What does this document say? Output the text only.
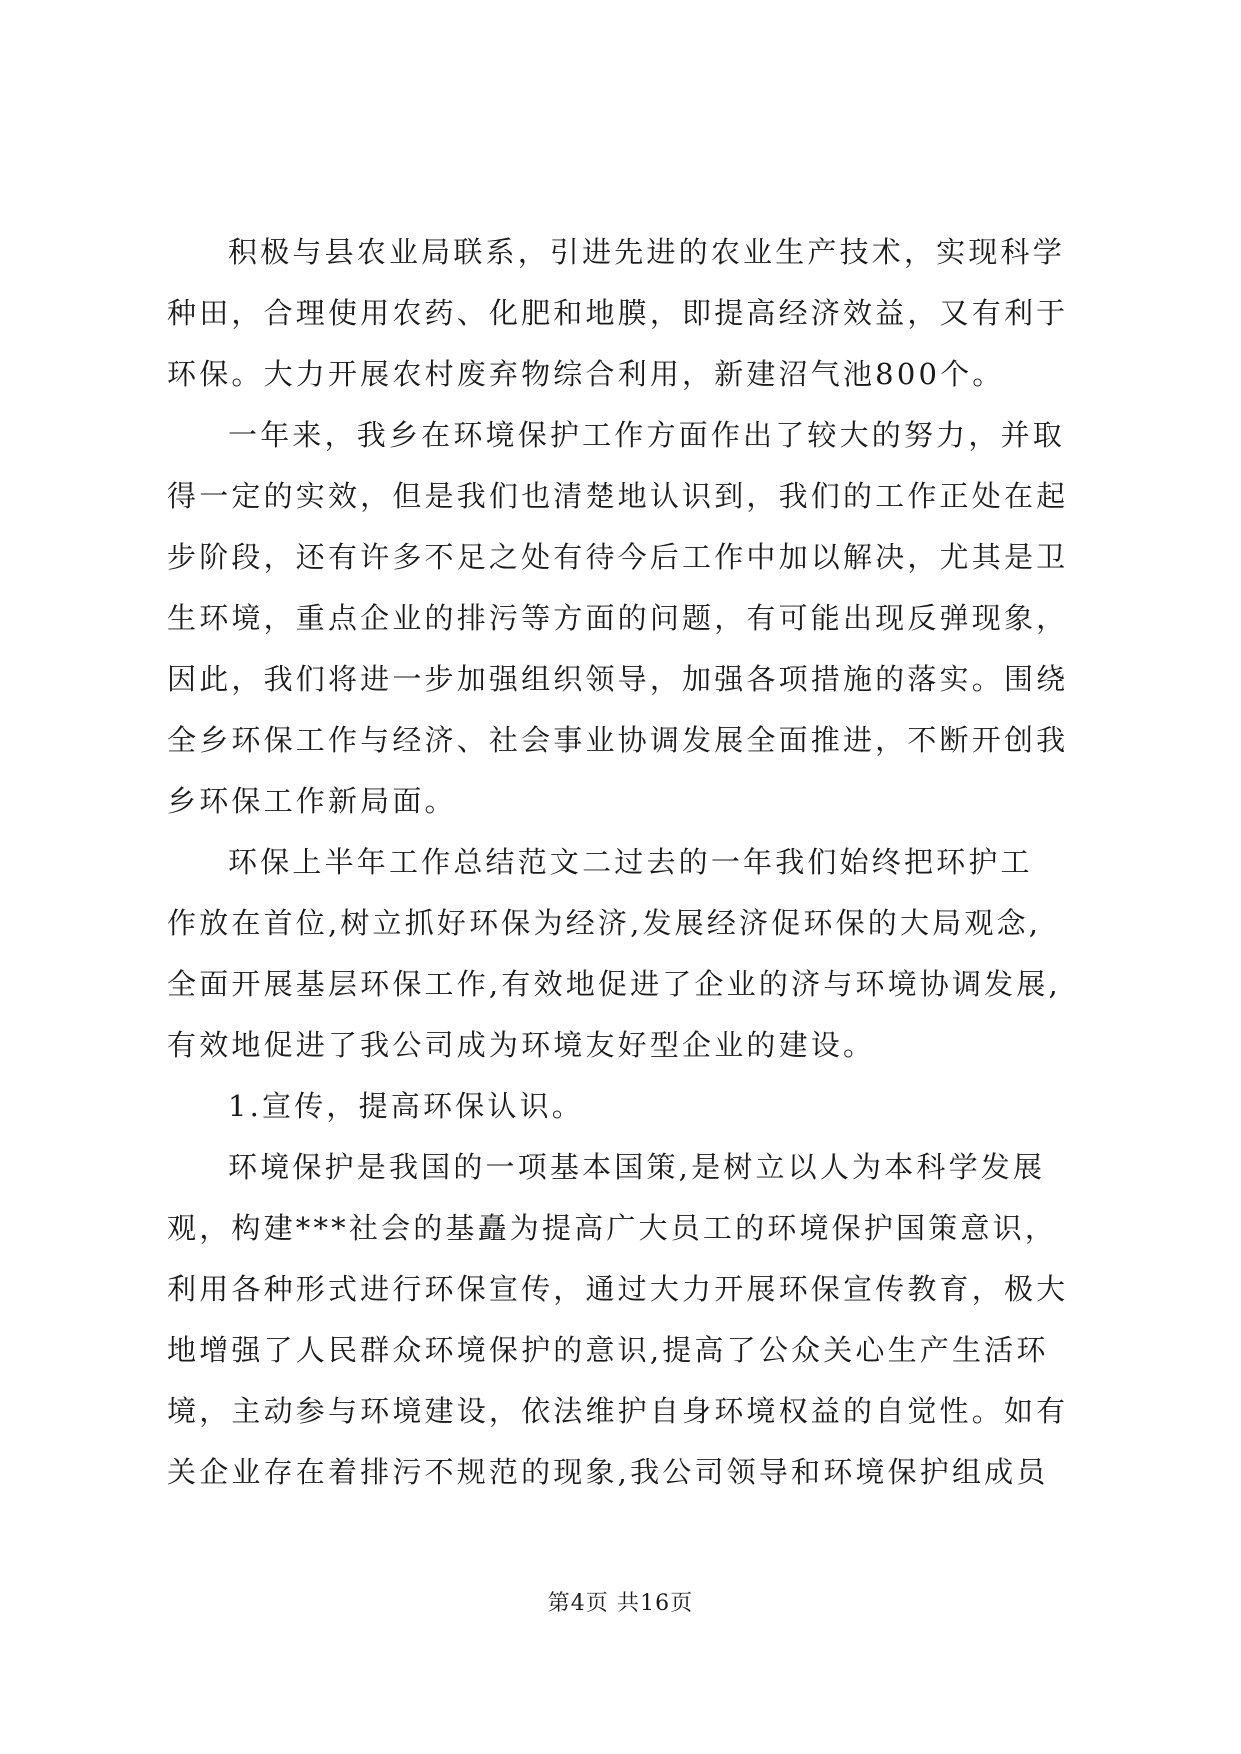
积极与县农业局联系，引进先进的农业生产技术，实现科学
种田，合理使用农药、化肥和地膜，即提高经济效益，又有利于
环保。大力开展农村废弃物综合利用，新建沼气池800个。
一年来，我乡在环境保护工作方面作出了较大的努力，并取
得一定的实效，但是我们也清楚地认识到，我们的工作正处在起
步阶段，还有许多不足之处有待今后工作中加以解决，尤其是卫
生环境，重点企业的排污等方面的问题，有可能出现反弹现象，
因此，我们将进一步加强组织领导，加强各项措施的落实。围绕
全乡环保工作与经济、社会事业协调发展全面推进，不断开创我
乡环保工作新局面。
环保上半年工作总结范文二过去的一年我们始终把环护工
作放在首位,树立抓好环保为经济,发展经济促环保的大局观念,
全面开展基层环保工作,有效地促进了企业的济与环境协调发展,
有效地促进了我公司成为环境友好型企业的建设。
1.宣传，提高环保认识。
环境保护是我国的一项基本国策,是树立以人为本科学发展
观，构建***社会的基矗为提高广大员工的环境保护国策意识，
利用各种形式进行环保宣传，通过大力开展环保宣传教育，极大
地增强了人民群众环境保护的意识,提高了公众关心生产生活环
境，主动参与环境建设，依法维护自身环境权益的自觉性。如有
关企业存在着排污不规范的现象,我公司领导和环境保护组成员
第4页 共16页
